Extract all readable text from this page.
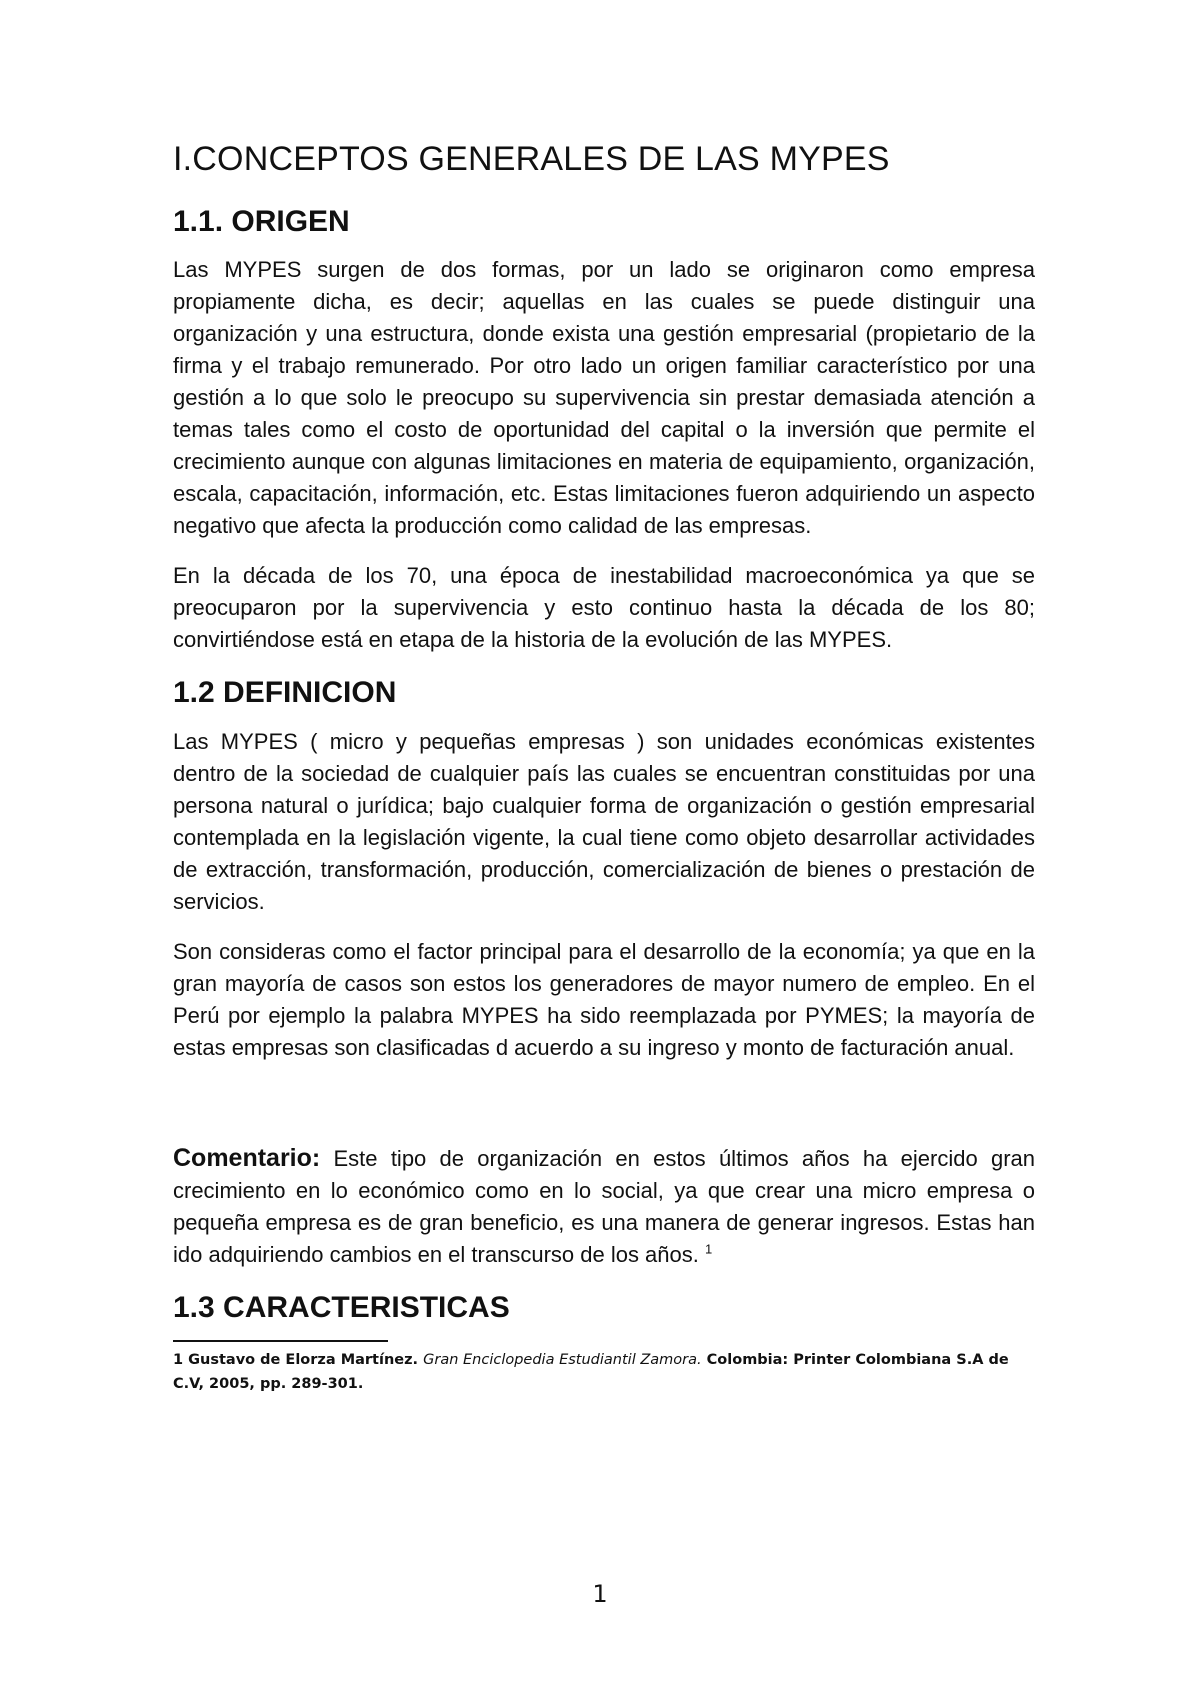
I.CONCEPTOS GENERALES DE LAS MYPES
1.1. ORIGEN

Las MYPES surgen de dos formas, por un lado se originaron como empresa propiamente dicha, es decir; aquellas en las cuales se puede distinguir una organización y una estructura, donde exista una gestión empresarial (propietario de la firma y el trabajo remunerado. Por otro lado un origen familiar característico por una gestión a lo que solo le preocupo su supervivencia sin prestar demasiada atención a temas tales como el costo de oportunidad del capital o la inversión que permite el crecimiento aunque con algunas limitaciones en materia de equipamiento, organización, escala, capacitación, información, etc. Estas limitaciones fueron adquiriendo un aspecto negativo que afecta la producción como calidad de las empresas.

En la década de los 70, una época de inestabilidad macroeconómica ya que se preocuparon por la supervivencia y esto continuo hasta la década de los 80; convirtiéndose está en etapa de la historia de la evolución de las MYPES.

1.2 DEFINICION

Las MYPES ( micro y pequeñas empresas ) son unidades económicas existentes dentro de la sociedad de cualquier país las cuales se encuentran constituidas por una persona natural o jurídica; bajo cualquier forma de organización o gestión empresarial contemplada en la legislación vigente, la cual tiene como objeto desarrollar actividades de extracción, transformación, producción, comercialización de bienes o prestación de servicios.

Son consideras como el factor principal para el desarrollo de la economía; ya que en la gran mayoría de casos son estos los generadores de mayor numero de empleo. En el Perú por ejemplo la palabra MYPES ha sido reemplazada por PYMES; la mayoría de estas empresas son clasificadas d acuerdo a su ingreso y monto de facturación anual.

Comentario: Este tipo de organización en estos últimos años ha ejercido gran crecimiento en lo económico como en lo social, ya que crear una micro empresa o pequeña empresa es de gran beneficio, es una manera de generar ingresos. Estas han ido adquiriendo cambios en el transcurso de los años. $^1$

1.3 CARACTERISTICAS

1 Gustavo de Elorza Martínez. Gran Enciclopedia Estudiantil Zamora. Colombia: Printer Colombiana S.A de C.V, 2005, pp. 289-301.

1
